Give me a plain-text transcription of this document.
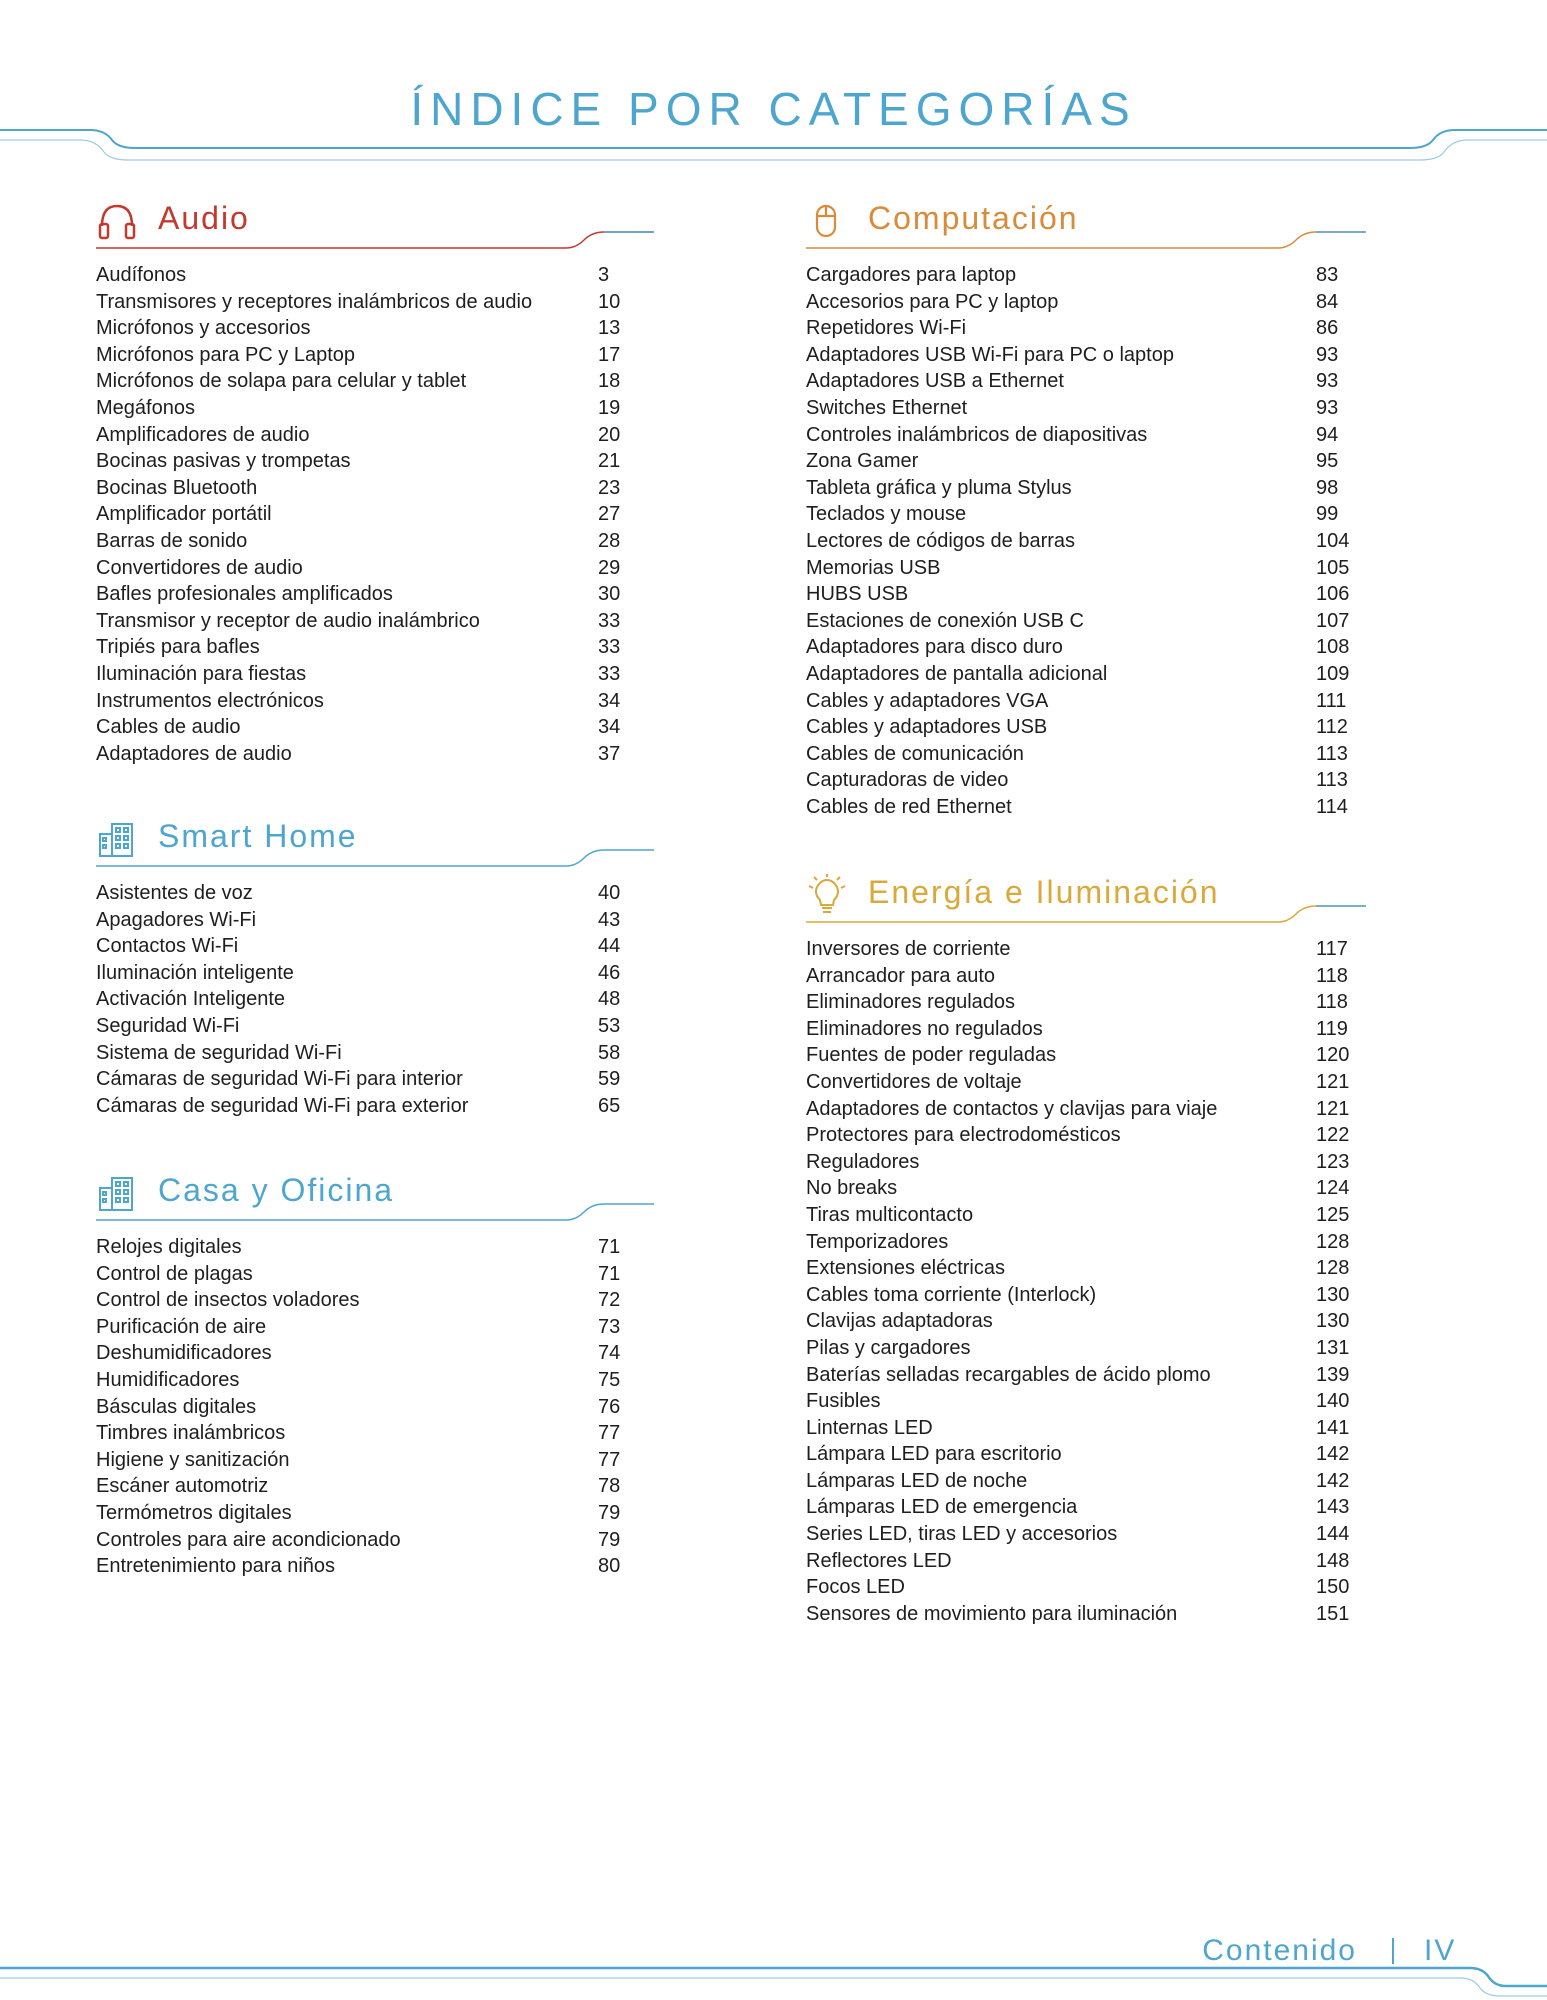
ÍNDICE POR CATEGORÍAS
Audio
Audífonos	3
Transmisores y receptores inalámbricos de audio	10
Micrófonos y accesorios	13
Micrófonos para PC y Laptop	17
Micrófonos de solapa para celular y tablet	18
Megáfonos	19
Amplificadores de audio	20
Bocinas pasivas y trompetas	21
Bocinas Bluetooth	23
Amplificador portátil	27
Barras de sonido	28
Convertidores de audio	29
Bafles profesionales amplificados	30
Transmisor y receptor de audio inalámbrico	33
Tripiés para bafles	33
Iluminación para fiestas	33
Instrumentos electrónicos	34
Cables de audio	34
Adaptadores de audio	37
Smart Home
Asistentes de voz	40
Apagadores Wi-Fi	43
Contactos Wi-Fi	44
Iluminación inteligente	46
Activación Inteligente	48
Seguridad Wi-Fi	53
Sistema de seguridad Wi-Fi	58
Cámaras de seguridad Wi-Fi para interior	59
Cámaras de seguridad Wi-Fi para exterior	65
Casa y Oficina
Relojes digitales	71
Control de plagas	71
Control de insectos voladores	72
Purificación de aire	73
Deshumidificadores	74
Humidificadores	75
Básculas digitales	76
Timbres inalámbricos	77
Higiene y sanitización	77
Escáner automotriz	78
Termómetros digitales	79
Controles para aire acondicionado	79
Entretenimiento para niños	80
Computación
Cargadores para laptop	83
Accesorios para PC y laptop	84
Repetidores Wi-Fi	86
Adaptadores USB Wi-Fi para PC o laptop	93
Adaptadores USB a Ethernet	93
Switches Ethernet	93
Controles inalámbricos de diapositivas	94
Zona Gamer	95
Tableta gráfica y pluma Stylus	98
Teclados y mouse	99
Lectores de códigos de barras	104
Memorias USB	105
HUBS USB	106
Estaciones de conexión USB C	107
Adaptadores para disco duro	108
Adaptadores de pantalla adicional	109
Cables y adaptadores VGA	111
Cables y adaptadores USB	112
Cables de comunicación	113
Capturadoras de video	113
Cables de red Ethernet	114
Energía e Iluminación
Inversores de corriente	117
Arrancador para auto	118
Eliminadores regulados	118
Eliminadores no regulados	119
Fuentes de poder reguladas	120
Convertidores de voltaje	121
Adaptadores de contactos y clavijas para viaje	121
Protectores para electrodomésticos	122
Reguladores	123
No breaks	124
Tiras multicontacto	125
Temporizadores	128
Extensiones eléctricas	128
Cables toma corriente (Interlock)	130
Clavijas adaptadoras	130
Pilas y cargadores	131
Baterías selladas recargables de ácido plomo	139
Fusibles	140
Linternas LED	141
Lámpara LED para escritorio	142
Lámparas LED de noche	142
Lámparas LED de emergencia	143
Series LED, tiras LED y accesorios	144
Reflectores LED	148
Focos LED	150
Sensores de movimiento para iluminación	151
Contenido IV
